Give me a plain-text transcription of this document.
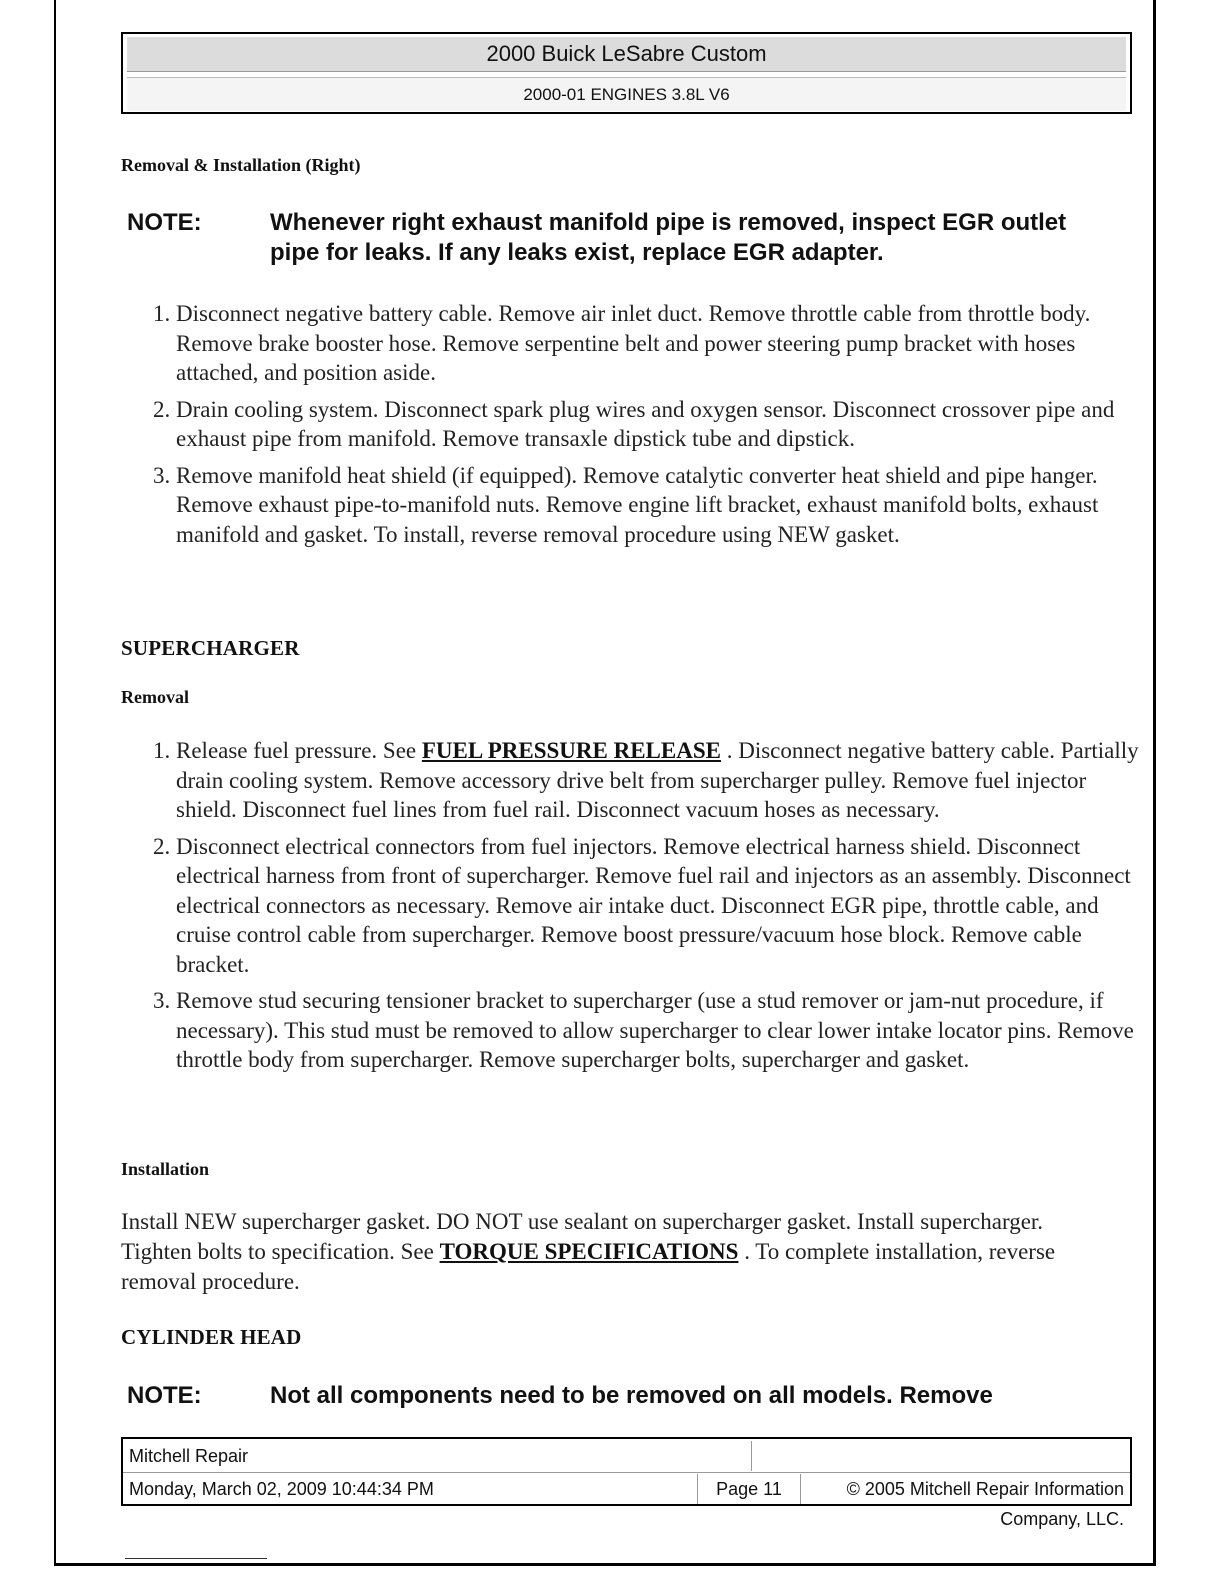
2000 Buick LeSabre Custom
2000-01 ENGINES 3.8L V6
Removal & Installation (Right)
NOTE:	Whenever right exhaust manifold pipe is removed, inspect EGR outlet pipe for leaks. If any leaks exist, replace EGR adapter.
1. Disconnect negative battery cable. Remove air inlet duct. Remove throttle cable from throttle body. Remove brake booster hose. Remove serpentine belt and power steering pump bracket with hoses attached, and position aside.
2. Drain cooling system. Disconnect spark plug wires and oxygen sensor. Disconnect crossover pipe and exhaust pipe from manifold. Remove transaxle dipstick tube and dipstick.
3. Remove manifold heat shield (if equipped). Remove catalytic converter heat shield and pipe hanger. Remove exhaust pipe-to-manifold nuts. Remove engine lift bracket, exhaust manifold bolts, exhaust manifold and gasket. To install, reverse removal procedure using NEW gasket.
SUPERCHARGER
Removal
1. Release fuel pressure. See FUEL PRESSURE RELEASE . Disconnect negative battery cable. Partially drain cooling system. Remove accessory drive belt from supercharger pulley. Remove fuel injector shield. Disconnect fuel lines from fuel rail. Disconnect vacuum hoses as necessary.
2. Disconnect electrical connectors from fuel injectors. Remove electrical harness shield. Disconnect electrical harness from front of supercharger. Remove fuel rail and injectors as an assembly. Disconnect electrical connectors as necessary. Remove air intake duct. Disconnect EGR pipe, throttle cable, and cruise control cable from supercharger. Remove boost pressure/vacuum hose block. Remove cable bracket.
3. Remove stud securing tensioner bracket to supercharger (use a stud remover or jam-nut procedure, if necessary). This stud must be removed to allow supercharger to clear lower intake locator pins. Remove throttle body from supercharger. Remove supercharger bolts, supercharger and gasket.
Installation

Install NEW supercharger gasket. DO NOT use sealant on supercharger gasket. Install supercharger. Tighten bolts to specification. See TORQUE SPECIFICATIONS . To complete installation, reverse removal procedure.

CYLINDER HEAD
NOTE:	Not all components need to be removed on all models. Remove
Mitchell Repair
Monday, March 02, 2009 10:44:34 PM	Page 11	© 2005 Mitchell Repair Information Company, LLC.
